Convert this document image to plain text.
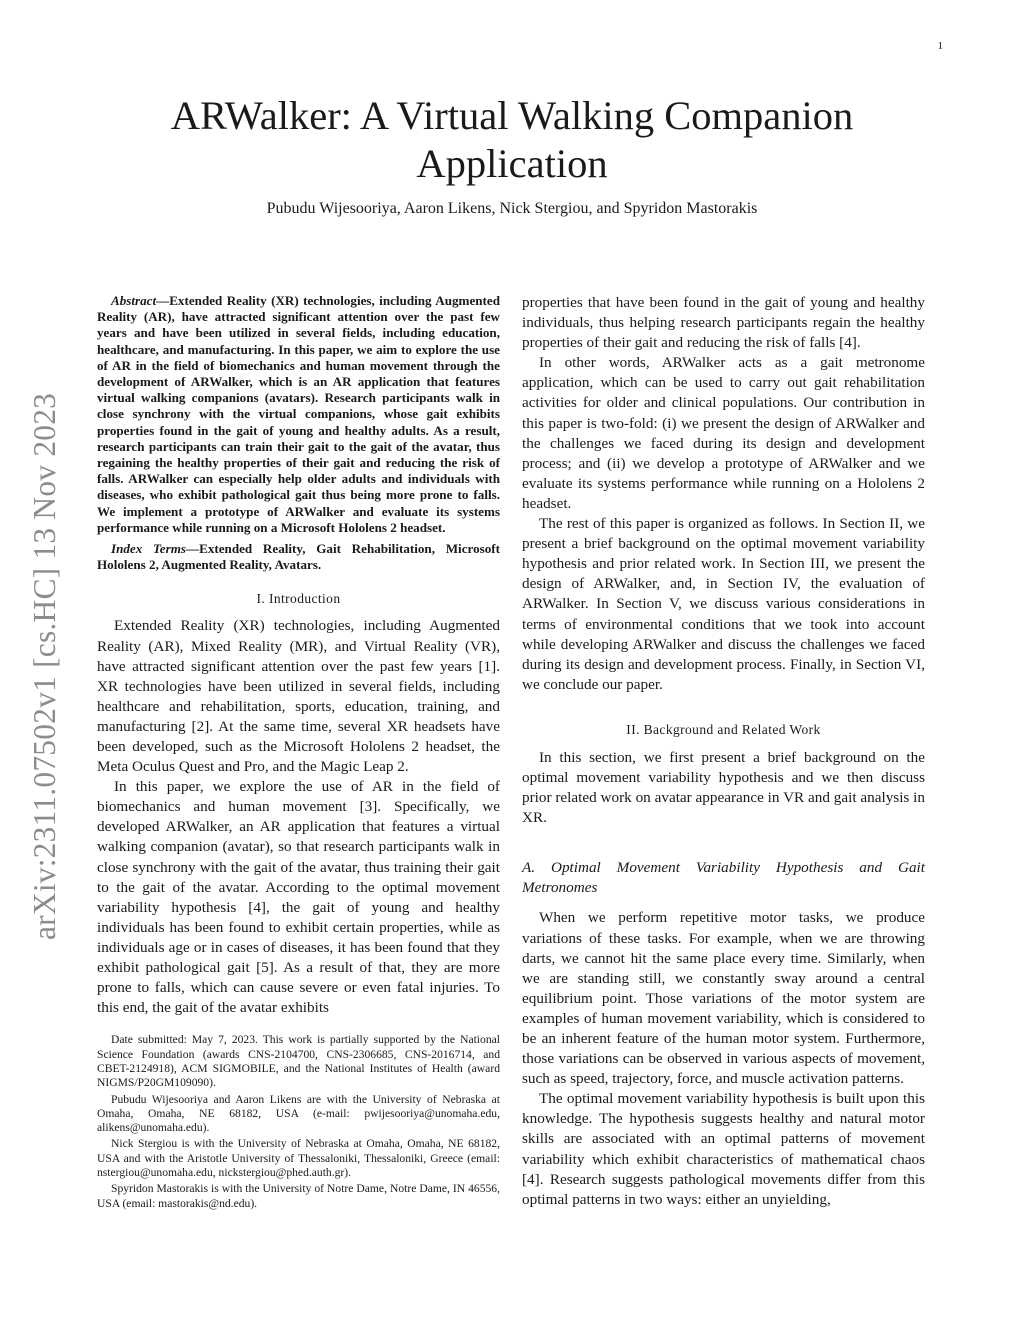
1
arXiv:2311.07502v1 [cs.HC] 13 Nov 2023
ARWalker: A Virtual Walking Companion Application
Pubudu Wijesooriya, Aaron Likens, Nick Stergiou, and Spyridon Mastorakis

Abstract—Extended Reality (XR) technologies, including Augmented Reality (AR), have attracted significant attention over the past few years and have been utilized in several fields, including education, healthcare, and manufacturing. In this paper, we aim to explore the use of AR in the field of biomechanics and human movement through the development of ARWalker, which is an AR application that features virtual walking companions (avatars). Research participants walk in close synchrony with the virtual companions, whose gait exhibits properties found in the gait of young and healthy adults. As a result, research participants can train their gait to the gait of the avatar, thus regaining the healthy properties of their gait and reducing the risk of falls. ARWalker can especially help older adults and individuals with diseases, who exhibit pathological gait thus being more prone to falls. We implement a prototype of ARWalker and evaluate its systems performance while running on a Microsoft Hololens 2 headset.

Index Terms—Extended Reality, Gait Rehabilitation, Microsoft Hololens 2, Augmented Reality, Avatars.

I. Introduction

Extended Reality (XR) technologies, including Augmented Reality (AR), Mixed Reality (MR), and Virtual Reality (VR), have attracted significant attention over the past few years [1]. XR technologies have been utilized in several fields, including healthcare and rehabilitation, sports, education, training, and manufacturing [2]. At the same time, several XR headsets have been developed, such as the Microsoft Hololens 2 headset, the Meta Oculus Quest and Pro, and the Magic Leap 2.

In this paper, we explore the use of AR in the field of biomechanics and human movement [3]. Specifically, we developed ARWalker, an AR application that features a virtual walking companion (avatar), so that research participants walk in close synchrony with the gait of the avatar, thus training their gait to the gait of the avatar. According to the optimal movement variability hypothesis [4], the gait of young and healthy individuals has been found to exhibit certain properties, while as individuals age or in cases of diseases, it has been found that they exhibit pathological gait [5]. As a result of that, they are more prone to falls, which can cause severe or even fatal injuries. To this end, the gait of the avatar exhibits

Date submitted: May 7, 2023. This work is partially supported by the National Science Foundation (awards CNS-2104700, CNS-2306685, CNS-2016714, and CBET-2124918), ACM SIGMOBILE, and the National Institutes of Health (award NIGMS/P20GM109090).

Pubudu Wijesooriya and Aaron Likens are with the University of Nebraska at Omaha, Omaha, NE 68182, USA (e-mail: pwijesooriya@unomaha.edu, alikens@unomaha.edu).

Nick Stergiou is with the University of Nebraska at Omaha, Omaha, NE 68182, USA and with the Aristotle University of Thessaloniki, Thessaloniki, Greece (email: nstergiou@unomaha.edu, nickstergiou@phed.auth.gr).

Spyridon Mastorakis is with the University of Notre Dame, Notre Dame, IN 46556, USA (email: mastorakis@nd.edu).

properties that have been found in the gait of young and healthy individuals, thus helping research participants regain the healthy properties of their gait and reducing the risk of falls [4].

In other words, ARWalker acts as a gait metronome application, which can be used to carry out gait rehabilitation activities for older and clinical populations. Our contribution in this paper is two-fold: (i) we present the design of ARWalker and the challenges we faced during its design and development process; and (ii) we develop a prototype of ARWalker and we evaluate its systems performance while running on a Hololens 2 headset.

The rest of this paper is organized as follows. In Section II, we present a brief background on the optimal movement variability hypothesis and prior related work. In Section III, we present the design of ARWalker, and, in Section IV, the evaluation of ARWalker. In Section V, we discuss various considerations in terms of environmental conditions that we took into account while developing ARWalker and discuss the challenges we faced during its design and development process. Finally, in Section VI, we conclude our paper.

II. Background and Related Work

In this section, we first present a brief background on the optimal movement variability hypothesis and we then discuss prior related work on avatar appearance in VR and gait analysis in XR.

A. Optimal Movement Variability Hypothesis and Gait Metronomes

When we perform repetitive motor tasks, we produce variations of these tasks. For example, when we are throwing darts, we cannot hit the same place every time. Similarly, when we are standing still, we constantly sway around a central equilibrium point. Those variations of the motor system are examples of human movement variability, which is considered to be an inherent feature of the human motor system. Furthermore, those variations can be observed in various aspects of movement, such as speed, trajectory, force, and muscle activation patterns.

The optimal movement variability hypothesis is built upon this knowledge. The hypothesis suggests healthy and natural motor skills are associated with an optimal patterns of movement variability which exhibit characteristics of mathematical chaos [4]. Research suggests pathological movements differ from this optimal patterns in two ways: either an unyielding,
